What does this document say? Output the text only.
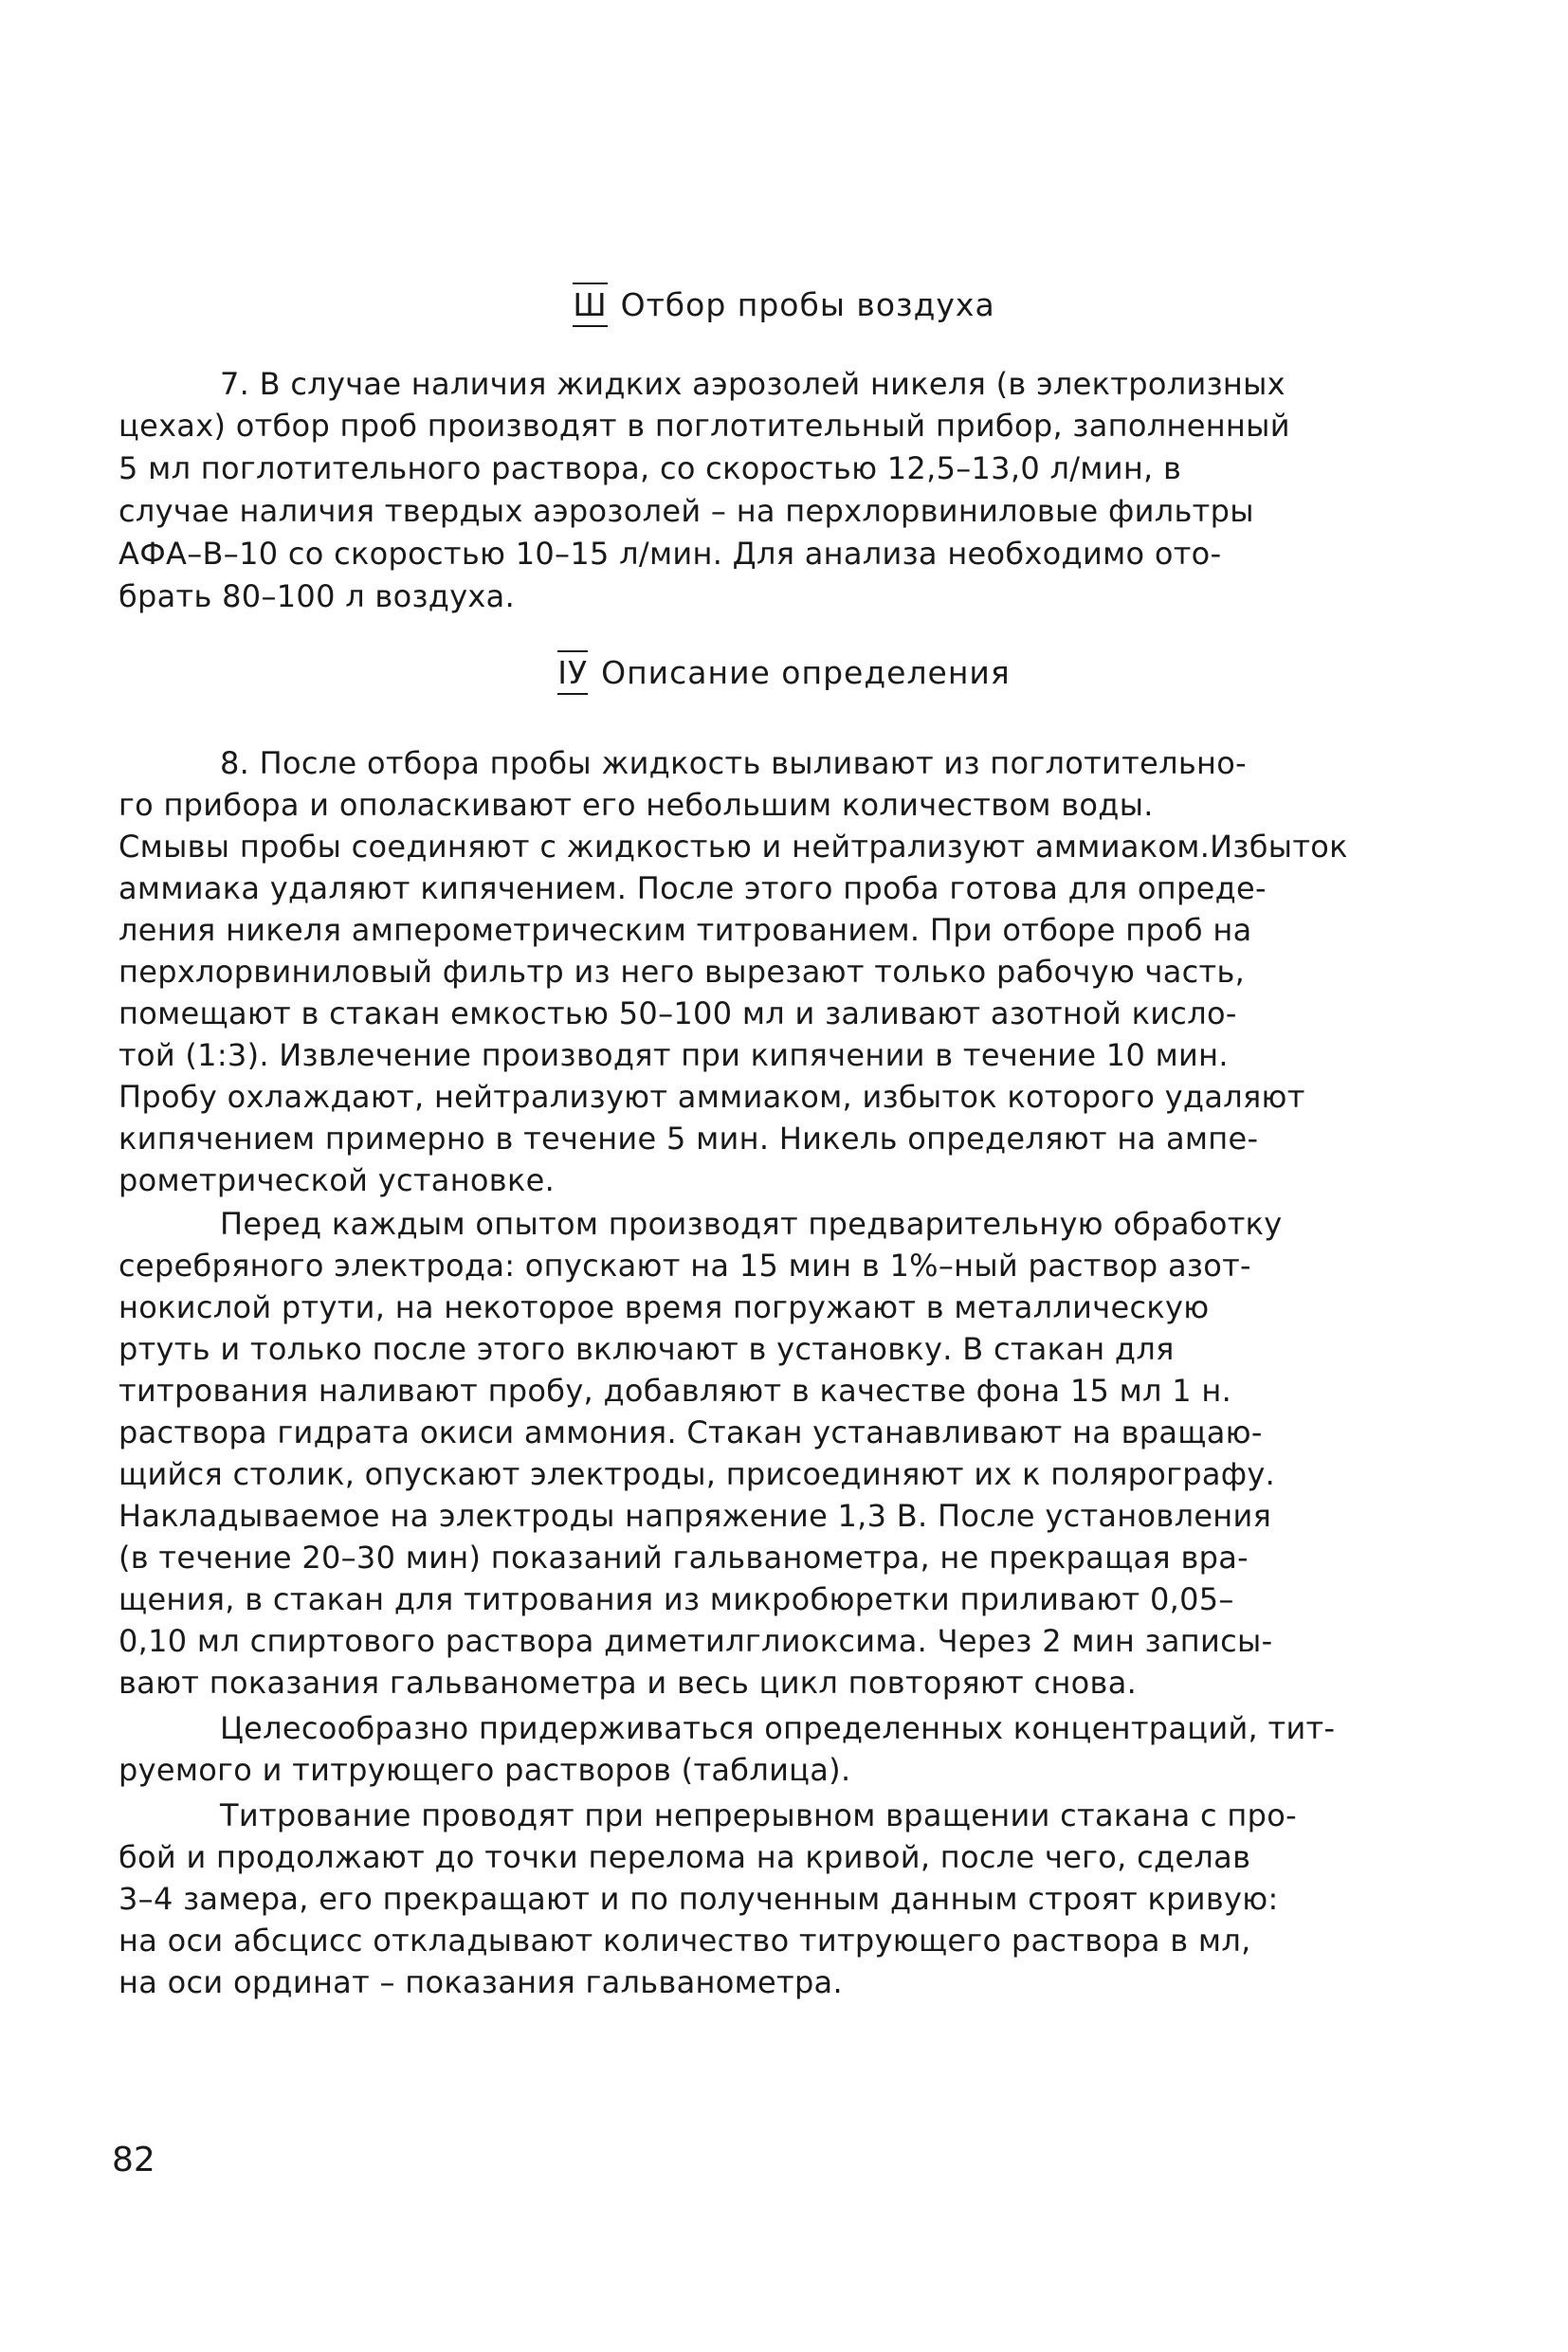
Ш Отбор пробы воздуха
7. В случае наличия жидких аэрозолей никеля (в электролизных
цехах) отбор проб производят в поглотительный прибор, заполненный
5 мл поглотительного раствора, со скоростью 12,5–13,0 л/мин, в
случае наличия твердых аэрозолей – на перхлорвиниловые фильтры
АФА–В–10 со скоростью 10–15 л/мин. Для анализа необходимо ото-
брать 80–100 л воздуха.
IУ Описание определения
8. После отбора пробы жидкость выливают из поглотительно-
го прибора и ополаскивают его небольшим количеством воды.
Смывы пробы соединяют с жидкостью и нейтрализуют аммиаком.Избыток
аммиака удаляют кипячением. После этого проба готова для опреде-
ления никеля амперометрическим титрованием. При отборе проб на
перхлорвиниловый фильтр из него вырезают только рабочую часть,
помещают в стакан емкостью 50–100 мл и заливают азотной кисло-
той (1:3). Извлечение производят при кипячении в течение 10 мин.
Пробу охлаждают, нейтрализуют аммиаком, избыток которого удаляют
кипячением примерно в течение 5 мин. Никель определяют на ампе-
рометрической установке.
Перед каждым опытом производят предварительную обработку
серебряного электрода: опускают на 15 мин в 1%–ный раствор азот-
нокислой ртути, на некоторое время погружают в металлическую
ртуть и только после этого включают в установку. В стакан для
титрования наливают пробу, добавляют в качестве фона 15 мл 1 н.
раствора гидрата окиси аммония. Стакан устанавливают на вращаю-
щийся столик, опускают электроды, присоединяют их к полярографу.
Накладываемое на электроды напряжение 1,3 В. После установления
(в течение 20–30 мин) показаний гальванометра, не прекращая вра-
щения, в стакан для титрования из микробюретки приливают 0,05–
0,10 мл спиртового раствора диметилглиоксима. Через 2 мин записы-
вают показания гальванометра и весь цикл повторяют снова.
Целесообразно придерживаться определенных концентраций, тит-
руемого и титрующего растворов (таблица).
Титрование проводят при непрерывном вращении стакана с про-
бой и продолжают до точки перелома на кривой, после чего, сделав
3–4 замера, его прекращают и по полученным данным строят кривую:
на оси абсцисс откладывают количество титрующего раствора в мл,
на оси ординат – показания гальванометра.
82
